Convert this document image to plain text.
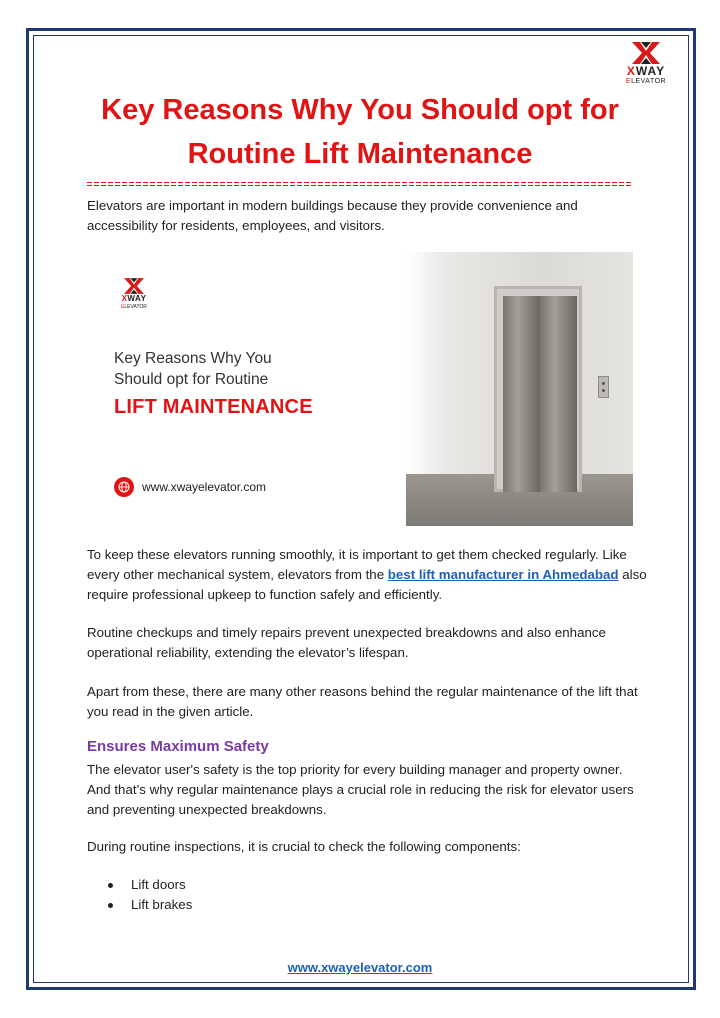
XWAY
ELEVATOR
Key Reasons Why You Should opt for Routine Lift Maintenance

Elevators are important in modern buildings because they provide convenience and accessibility for residents, employees, and visitors.

XWAY
ELEVATOR
Key Reasons Why You
Should opt for Routine
LIFT MAINTENANCE
www.xwayelevator.com

To keep these elevators running smoothly, it is important to get them checked regularly. Like every other mechanical system, elevators from the best lift manufacturer in Ahmedabad also require professional upkeep to function safely and efficiently.

Routine checkups and timely repairs prevent unexpected breakdowns and also enhance operational reliability, extending the elevator’s lifespan.

Apart from these, there are many other reasons behind the regular maintenance of the lift that you read in the given article.

Ensures Maximum Safety

The elevator user's safety is the top priority for every building manager and property owner. And that’s why regular maintenance plays a crucial role in reducing the risk for elevator users and preventing unexpected breakdowns.

During routine inspections, it is crucial to check the following components:

Lift doors
Lift brakes
www.xwayelevator.com
